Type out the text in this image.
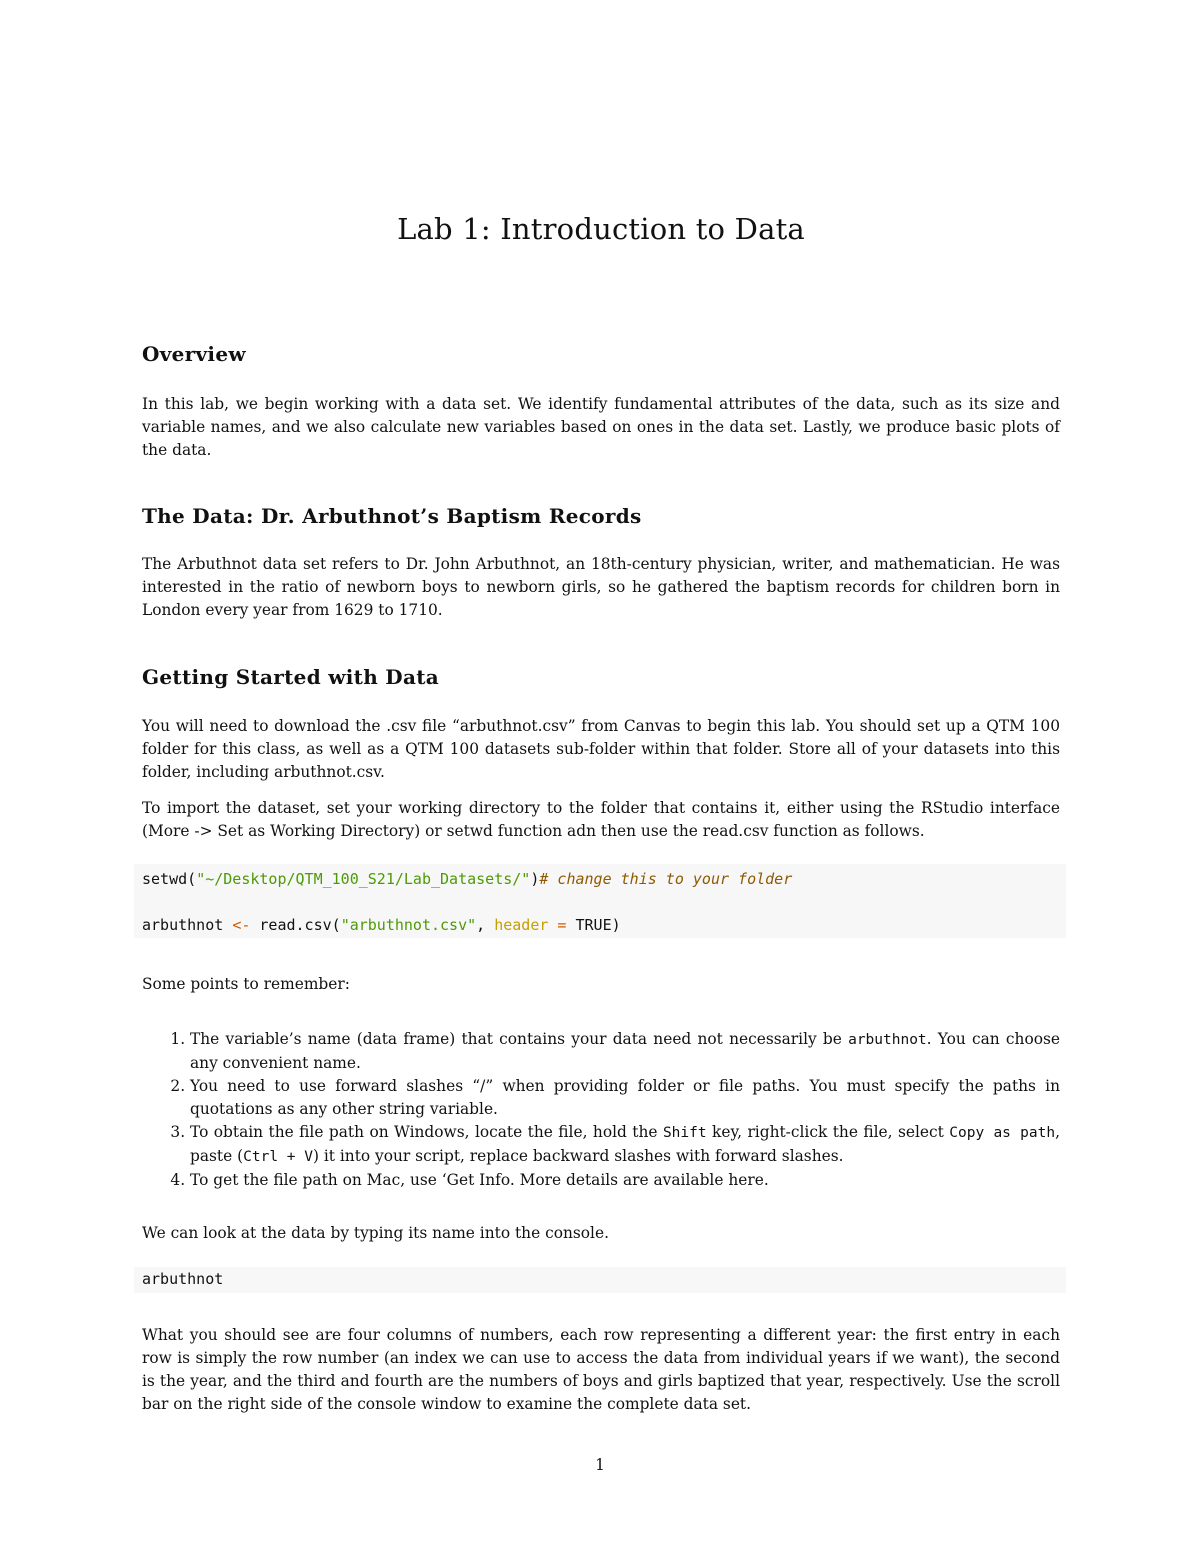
Lab 1: Introduction to Data
Overview

In this lab, we begin working with a data set. We identify fundamental attributes of the data, such as its size and variable names, and we also calculate new variables based on ones in the data set. Lastly, we produce basic plots of the data.

The Data: Dr. Arbuthnot’s Baptism Records

The Arbuthnot data set refers to Dr. John Arbuthnot, an 18th-century physician, writer, and mathematician. He was interested in the ratio of newborn boys to newborn girls, so he gathered the baptism records for children born in London every year from 1629 to 1710.

Getting Started with Data

You will need to download the .csv file “arbuthnot.csv” from Canvas to begin this lab. You should set up a QTM 100 folder for this class, as well as a QTM 100 datasets sub-folder within that folder. Store all of your datasets into this folder, including arbuthnot.csv.

To import the dataset, set your working directory to the folder that contains it, either using the RStudio interface (More -> Set as Working Directory) or setwd function adn then use the read.csv function as follows.

setwd("~/Desktop/QTM_100_S21/Lab_Datasets/")# change this to your folder

arbuthnot <- read.csv("arbuthnot.csv", header = TRUE)

Some points to remember:

1. The variable’s name (data frame) that contains your data need not necessarily be arbuthnot. You can choose any convenient name.
2. You need to use forward slashes “/” when providing folder or file paths. You must specify the paths in quotations as any other string variable.
3. To obtain the file path on Windows, locate the file, hold the Shift key, right-click the file, select Copy as path, paste (Ctrl + V) it into your script, replace backward slashes with forward slashes.
4. To get the file path on Mac, use ‘Get Info. More details are available here.

We can look at the data by typing its name into the console.

arbuthnot

What you should see are four columns of numbers, each row representing a different year: the first entry in each row is simply the row number (an index we can use to access the data from individual years if we want), the second is the year, and the third and fourth are the numbers of boys and girls baptized that year, respectively. Use the scroll bar on the right side of the console window to examine the complete data set.

1
